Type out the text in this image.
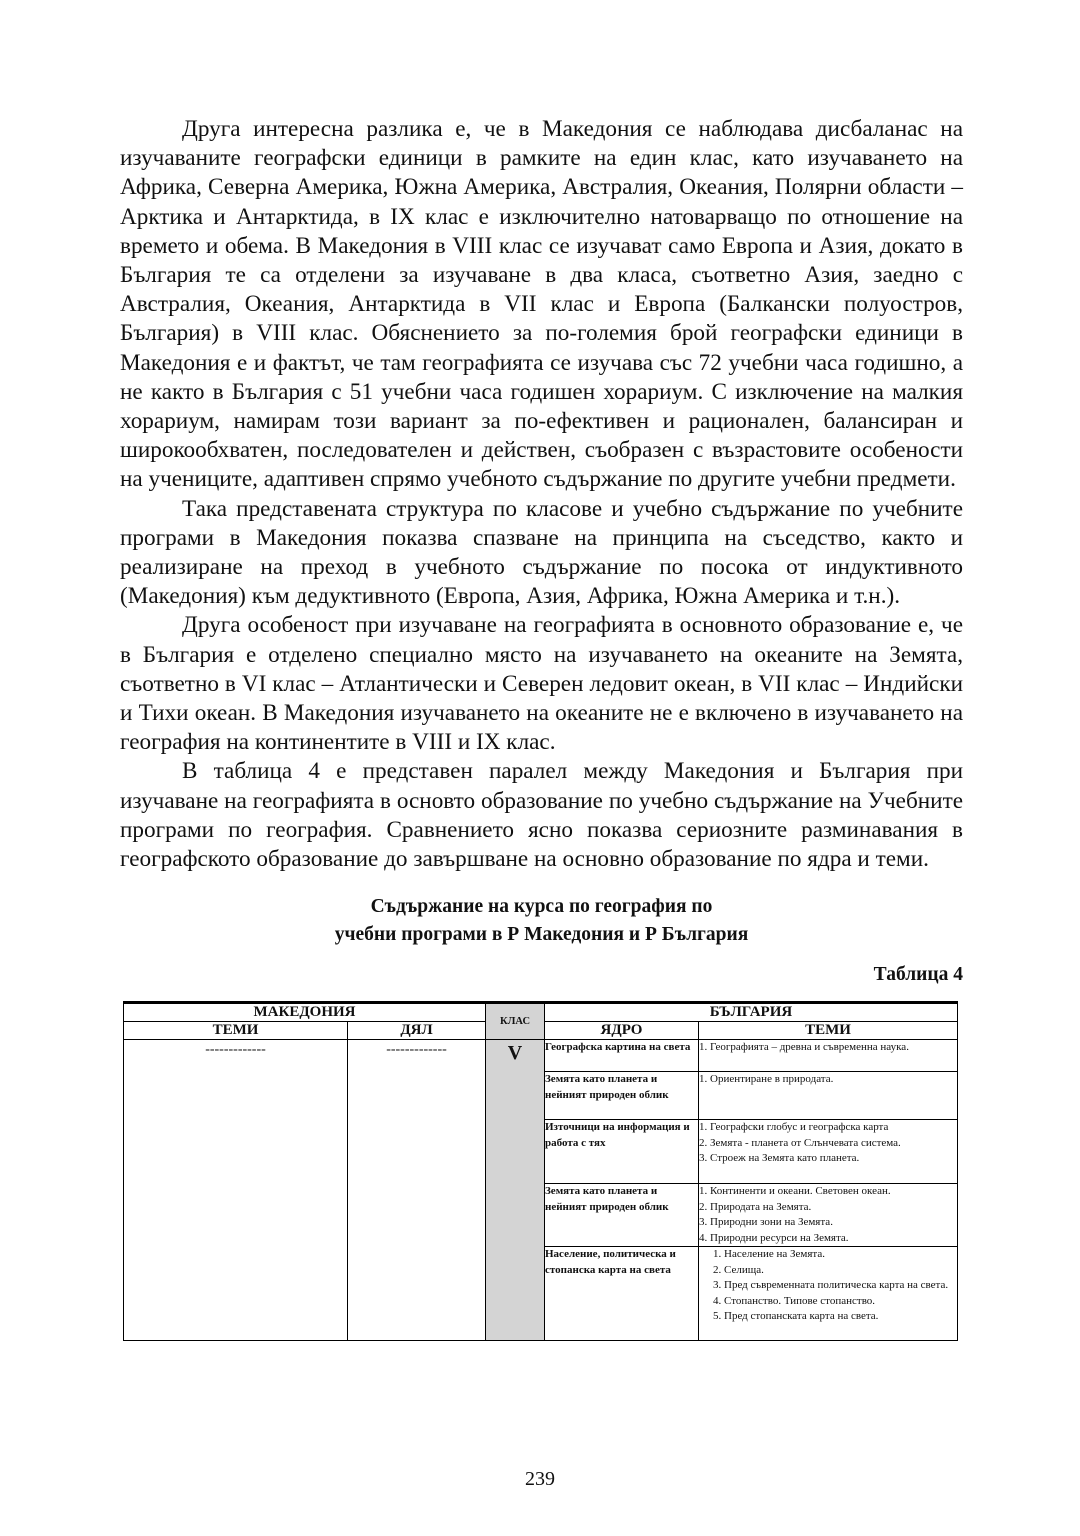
Друга интересна разлика е, че в Македония се наблюдава дисбаланас на изучаваните географски единици в рамките на един клас, като изучаването на Африка, Северна Америка, Южна Америка, Австралия, Океания, Полярни области – Арктика и Антарктида, в IX клас е изключително натоварващо по отношение на времето и обема. В Македония в VIII клас се изучават само Европа и Азия, докато в България те са отделени за изучаване в два класа, съответно Азия, заедно с Австралия, Океания, Антарктида в VII клас и Европа (Балкански полуостров, България) в VIII клас. Обяснението за по-големия брой географски единици в Македония е и фактът, че там географията се изучава със 72 учебни часа годишно, а не както в България с 51 учебни часа годишен хорариум. С изключение на малкия хорариум, намирам този вариант за по-ефективен и рационален, балансиран и широкообхватен, последователен и действен, съобразен с възрастовите особености на учениците, адаптивен спрямо учебното съдържание по другите учебни предмети.

Така представената структура по класове и учебно съдържание по учебните програми в Македония показва спазване на принципа на съседство, както и реализиране на преход в учебното съдържание по посока от индуктивното (Македония) към дедуктивното (Европа, Азия, Африка, Южна Америка и т.н.).

Друга особеност при изучаване на географията в основното образование е, че в България е отделено специално място на изучаването на океаните на Земята, съответно в VI клас – Атлантически и Северен ледовит океан, в VII клас – Индийски и Тихи океан. В Македония изучаването на океаните не е включено в изучаването на география на континентите в VIII и IX клас.

В таблица 4 е представен паралел между Македония и България при изучаване на географията в основто образование по учебно съдържание на Учебните програми по география. Сравнението ясно показва сериозните разминавания в географското образование до завършване на основно образование по ядра и теми.

Съдържание на курса по география по
учебни програми в Р Македония и Р България
Таблица 4
МАКЕДОНИЯ		КЛАС	БЪЛГАРИЯ	
ТЕМИ	ДЯЛ		ЯДРО	ТЕМИ

-------------	-------------	V	Географска картина на света	1. Географията – древна и съвременна наука.

			Земята като планета и нейният природен облик	1. Ориентиране в природата.

			Източници на информация и работа с тях	1. Географски глобус и географска карта
2. Земята - планета от Слънчевата система.
3. Строеж на Земята като планета.

			Земята като планета и нейният природен облик	1. Континенти и океани. Световен океан.
2. Природата на Земята.
3. Природни зони на Земята.
4. Природни ресурси на Земята.

			Население, политическа и стопанска карта на света	1. Население на Земята.
2. Селища.
3. Пред съвременната политическа карта на света.
4. Стопанство. Типове стопанство.
5. Пред стопанската карта на света.
239
